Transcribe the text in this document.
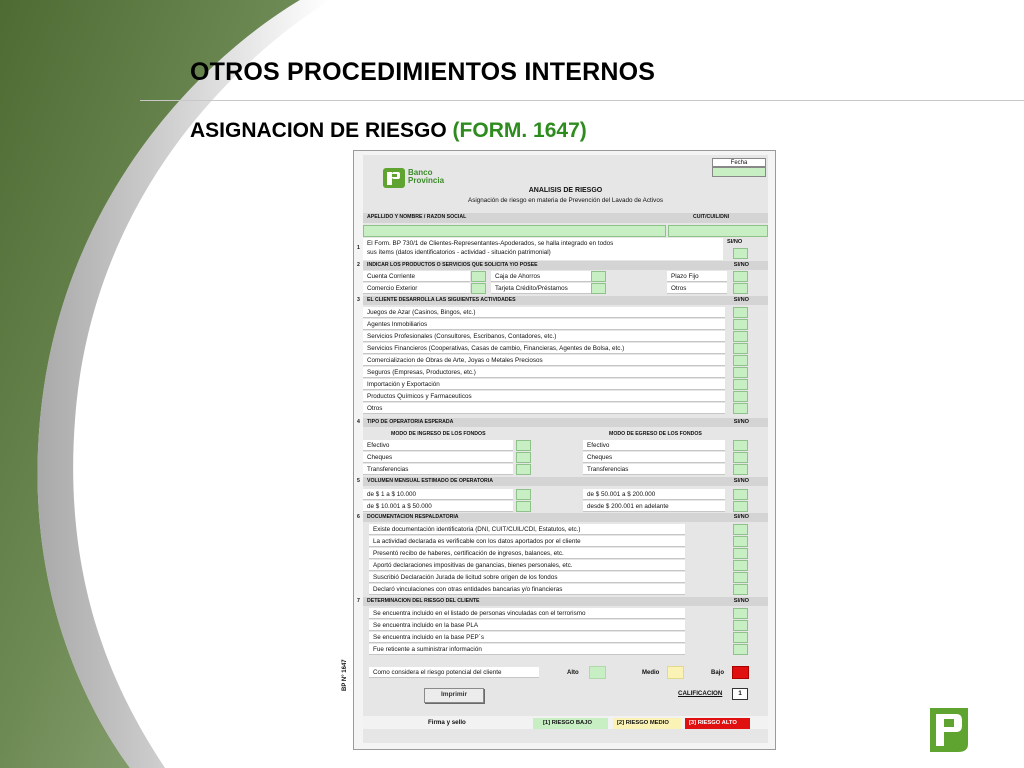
OTROS PROCEDIMIENTOS INTERNOS
ASIGNACION DE RIESGO (FORM. 1647)
BP N° 1647
Banco
Provincia
Fecha
ANALISIS DE RIESGO
Asignación de riesgo en materia de Prevención del Lavado de Activos
APELLIDO Y NOMBRE / RAZON SOCIAL	CUIT/CUIL/DNI
1
El Form. BP 730/1 de Clientes-Representantes-Apoderados, se halla integrado en todos
sus ítems (datos identificatorios - actividad - situación patrimonial)
SI/NO
2 INDICAR LOS PRODUCTOS O SERVICIOS QUE SOLICITA Y/O POSEE	SI/NO
Cuenta Corriente	Caja de Ahorros	Plazo Fijo
Comercio Exterior	Tarjeta Crédito/Préstamos	Otros
3 EL CLIENTE DESARROLLA LAS SIGUIENTES ACTIVIDADES	SI/NO
Juegos de Azar (Casinos, Bingos, etc.)
Agentes Inmobiliarios
Servicios Profesionales (Consultores, Escribanos, Contadores, etc.)
Servicios Financieros (Cooperativas, Casas de cambio, Financieras, Agentes de Bolsa, etc.)
Comercializacion de Obras de Arte, Joyas o Metales Preciosos
Seguros (Empresas, Productores, etc.)
Importación y Exportación
Productos Químicos y Farmaceuticos
Otros
4 TIPO DE OPERATORIA ESPERADA	SI/NO
MODO DE INGRESO DE LOS FONDOS	MODO DE EGRESO DE LOS FONDOS
Efectivo	Efectivo
Cheques	Cheques
Transferencias	Transferencias
5 VOLUMEN MENSUAL ESTIMADO DE OPERATORIA	SI/NO
de $ 1 a $ 10.000	de $ 50.001 a $ 200.000
de $ 10.001 a $ 50.000	desde $ 200.001 en adelante
6 DOCUMENTACION RESPALDATORIA	SI/NO
Existe documentación identificatoria (DNI, CUIT/CUIL/CDI, Estatutos, etc.)
La actividad declarada es verificable con los datos aportados por el cliente
Presentó recibo de haberes, certificación de ingresos, balances, etc.
Aportó declaraciones impositivas de ganancias, bienes personales, etc.
Suscribió Declaración Jurada de licitud sobre origen de los fondos
Declaró vinculaciones con otras entidades bancarias y/o financieras
7 DETERMINACION DEL RIESGO DEL CLIENTE	SI/NO
Se encuentra incluido en el listado de personas vinculadas con el terrorismo
Se encuentra incluido en la base PLA
Se encuentra incluido en la base PEP´s
Fue reticente a suministrar información
Como considera el riesgo potencial del cliente	Alto	Medio	Bajo
Imprimir	CALIFICACION	1
Firma y sello	[1] RIESGO BAJO	[2] RIESGO MEDIO	[3] RIESGO ALTO
